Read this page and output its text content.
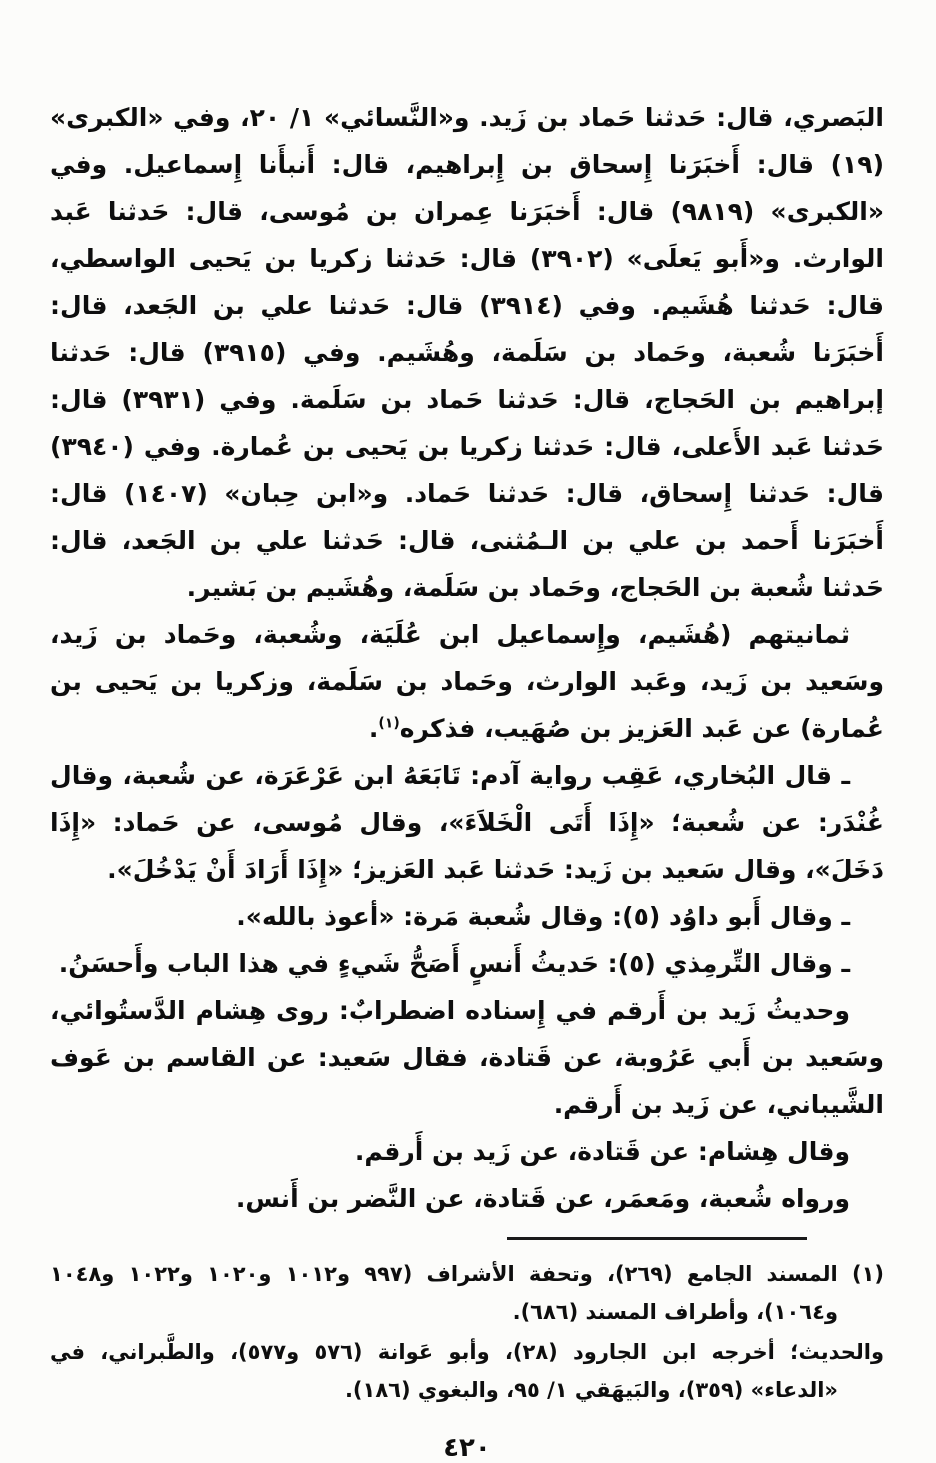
البَصري، قال: حَدثنا حَماد بن زَيد. و«النَّسائي» ١/ ٢٠، وفي «الكبرى» (١٩) قال: أَخبَرَنا إِسحاق بن إِبراهيم، قال: أَنبأَنا إِسماعيل. وفي «الكبرى» (٩٨١٩) قال: أَخبَرَنا عِمران بن مُوسى، قال: حَدثنا عَبد الوارث. و«أَبو يَعلَى» (٣٩٠٢) قال: حَدثنا زكريا بن يَحيى الواسطي، قال: حَدثنا هُشَيم. وفي (٣٩١٤) قال: حَدثنا علي بن الجَعد، قال: أَخبَرَنا شُعبة، وحَماد بن سَلَمة، وهُشَيم. وفي (٣٩١٥) قال: حَدثنا إبراهيم بن الحَجاج، قال: حَدثنا حَماد بن سَلَمة. وفي (٣٩٣١) قال: حَدثنا عَبد الأَعلى، قال: حَدثنا زكريا بن يَحيى بن عُمارة. وفي (٣٩٤٠) قال: حَدثنا إِسحاق، قال: حَدثنا حَماد. و«ابن حِبان» (١٤٠٧) قال: أَخبَرَنا أَحمد بن علي بن الـمُثنى، قال: حَدثنا علي بن الجَعد، قال: حَدثنا شُعبة بن الحَجاج، وحَماد بن سَلَمة، وهُشَيم بن بَشير.

ثمانيتهم (هُشَيم، وإِسماعيل ابن عُلَيَة، وشُعبة، وحَماد بن زَيد، وسَعيد بن زَيد، وعَبد الوارث، وحَماد بن سَلَمة، وزكريا بن يَحيى بن عُمارة) عن عَبد العَزيز بن صُهَيب، فذكره$^{(١)}$.

ـ قال البُخاري، عَقِب رواية آدم: تَابَعَهُ ابن عَرْعَرَة، عن شُعبة، وقال غُنْدَر: عن شُعبة؛ «إِذَا أَتَى الْخَلاَءَ»، وقال مُوسى، عن حَماد: «إِذَا دَخَلَ»، وقال سَعيد بن زَيد: حَدثنا عَبد العَزيز؛ «إِذَا أَرَادَ أَنْ يَدْخُلَ».

ـ وقال أَبو داوُد (٥): وقال شُعبة مَرة: «أعوذ بالله».

ـ وقال التِّرمِذي (٥): حَديثُ أَنسٍ أَصَحُّ شَيءٍ في هذا الباب وأَحسَنُ.

وحديثُ زَيد بن أَرقم في إِسناده اضطرابٌ: روى هِشام الدَّستُوائي، وسَعيد بن أَبي عَرُوبة، عن قَتادة، فقال سَعيد: عن القاسم بن عَوف الشَّيباني، عن زَيد بن أَرقم.

وقال هِشام: عن قَتادة، عن زَيد بن أَرقم.

ورواه شُعبة، ومَعمَر، عن قَتادة، عن النَّضر بن أَنس.

(١) المسند الجامع (٢٦٩)، وتحفة الأشراف (٩٩٧ و١٠١٢ و١٠٢٠ و١٠٢٢ و١٠٤٨ و١٠٦٤)، وأطراف المسند (٦٨٦).

والحديث؛ أخرجه ابن الجارود (٢٨)، وأبو عَوانة (٥٧٦ و٥٧٧)، والطَّبراني، في «الدعاء» (٣٥٩)، والبَيهَقي ١/ ٩٥، والبغوي (١٨٦).

٤٢٠
